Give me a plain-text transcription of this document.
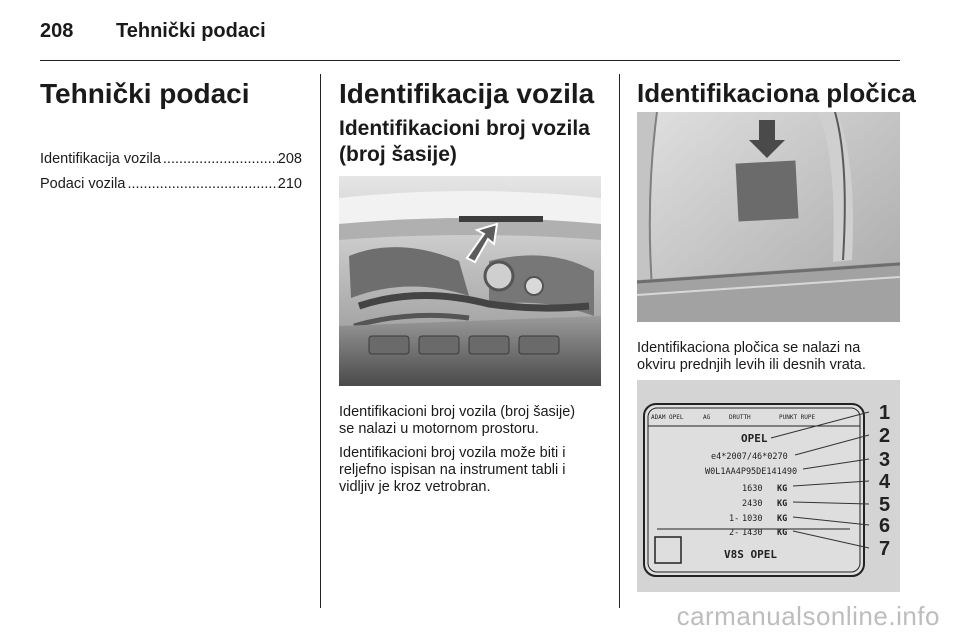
208 Tehnički podaci
Tehnički podaci
Identifikacija vozila .....	208
Podaci vozila .....	210
Identifikacija vozila
Identifikacioni broj vozila
(broj šasije)
Identifikacioni broj vozila (broj šasije)
se nalazi u motornom prostoru.
Identifikacioni broj vozila može biti i
reljefno ispisan na instrument tabli i
vidljiv je kroz vetrobran.
Identifikaciona pločica
Identifikaciona pločica se nalazi na
okviru prednjih levih ili desnih vrata.
ADAM OPEL	AG	DRUTTH	PUNKT RUPE
OPEL
e4*2007/46*0270
W0L1AA4P95DE141490
1630 KG
2430 KG
1- 1030 KG
2- 1430 KG
V8S OPEL
1
2
3
4
5
6
7
carmanualsonline.info
